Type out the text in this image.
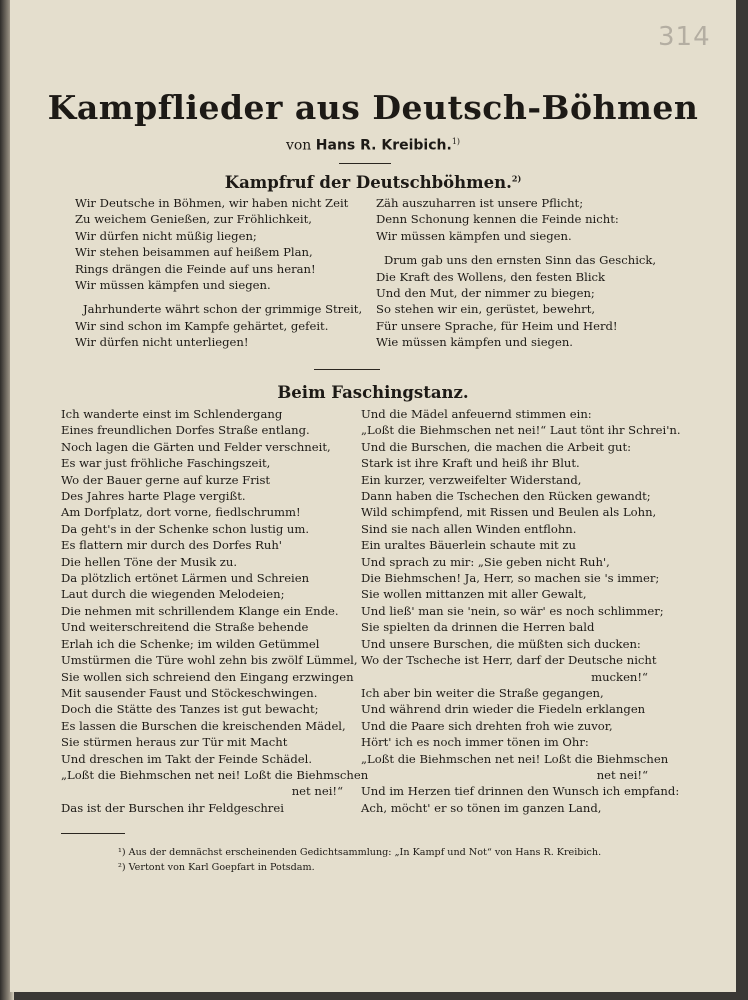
314
Kampflieder aus Deutsch-Böhmen
von Hans R. Kreibich.$^{1)}$
Kampfruf der Deutschböhmen.$^{2)}$
Wir Deutsche in Böhmen, wir haben nicht Zeit
Zu weichem Genießen, zur Fröhlichkeit,
Wir dürfen nicht müßig liegen;
Wir stehen beisammen auf heißem Plan,
Rings drängen die Feinde auf uns heran!
Wir müssen kämpfen und siegen.
Jahrhunderte währt schon der grimmige Streit,
Wir sind schon im Kampfe gehärtet, gefeit.
Wir dürfen nicht unterliegen!
Zäh auszuharren ist unsere Pflicht;
Denn Schonung kennen die Feinde nicht:
Wir müssen kämpfen und siegen.
Drum gab uns den ernsten Sinn das Geschick,
Die Kraft des Wollens, den festen Blick
Und den Mut, der nimmer zu biegen;
So stehen wir ein, gerüstet, bewehrt,
Für unsere Sprache, für Heim und Herd!
Wie müssen kämpfen und siegen.
Beim Faschingstanz.
Ich wanderte einst im Schlendergang
Eines freundlichen Dorfes Straße entlang.
Noch lagen die Gärten und Felder verschneit,
Es war just fröhliche Faschingszeit,
Wo der Bauer gerne auf kurze Frist
Des Jahres harte Plage vergißt.
Am Dorfplatz, dort vorne, fiedlschrumm!
Da geht's in der Schenke schon lustig um.
Es flattern mir durch des Dorfes Ruh'
Die hellen Töne der Musik zu.
Da plötzlich ertönet Lärmen und Schreien
Laut durch die wiegenden Melodeien;
Die nehmen mit schrillendem Klange ein Ende.
Und weiterschreitend die Straße behende
Erlah ich die Schenke; im wilden Getümmel
Umstürmen die Türe wohl zehn bis zwölf Lümmel,
Sie wollen sich schreiend den Eingang erzwingen
Mit sausender Faust und Stöckeschwingen.
Doch die Stätte des Tanzes ist gut bewacht;
Es lassen die Burschen die kreischenden Mädel,
Sie stürmen heraus zur Tür mit Macht
Und dreschen im Takt der Feinde Schädel.
„Loßt die Biehmschen net nei! Loßt die Biehmschen
net nei!“
Das ist der Burschen ihr Feldgeschrei
Und die Mädel anfeuernd stimmen ein:
„Loßt die Biehmschen net nei!“ Laut tönt ihr Schrei'n.
Und die Burschen, die machen die Arbeit gut:
Stark ist ihre Kraft und heiß ihr Blut.
Ein kurzer, verzweifelter Widerstand,
Dann haben die Tschechen den Rücken gewandt;
Wild schimpfend, mit Rissen und Beulen als Lohn,
Sind sie nach allen Winden entflohn.
Ein uraltes Bäuerlein schaute mit zu
Und sprach zu mir: „Sie geben nicht Ruh',
Die Biehmschen! Ja, Herr, so machen sie 's immer;
Sie wollen mittanzen mit aller Gewalt,
Und ließ' man sie 'nein, so wär' es noch schlimmer;
Sie spielten da drinnen die Herren bald
Und unsere Burschen, die müßten sich ducken:
Wo der Tscheche ist Herr, darf der Deutsche nicht
mucken!“
Ich aber bin weiter die Straße gegangen,
Und während drin wieder die Fiedeln erklangen
Und die Paare sich drehten froh wie zuvor,
Hört' ich es noch immer tönen im Ohr:
„Loßt die Biehmschen net nei! Loßt die Biehmschen
net nei!“
Und im Herzen tief drinnen den Wunsch ich empfand:
Ach, möcht' er so tönen im ganzen Land,
¹) Aus der demnächst erscheinenden Gedichtsammlung: „In Kampf und Not“ von Hans R. Kreibich.
²) Vertont von Karl Goepfart in Potsdam.
